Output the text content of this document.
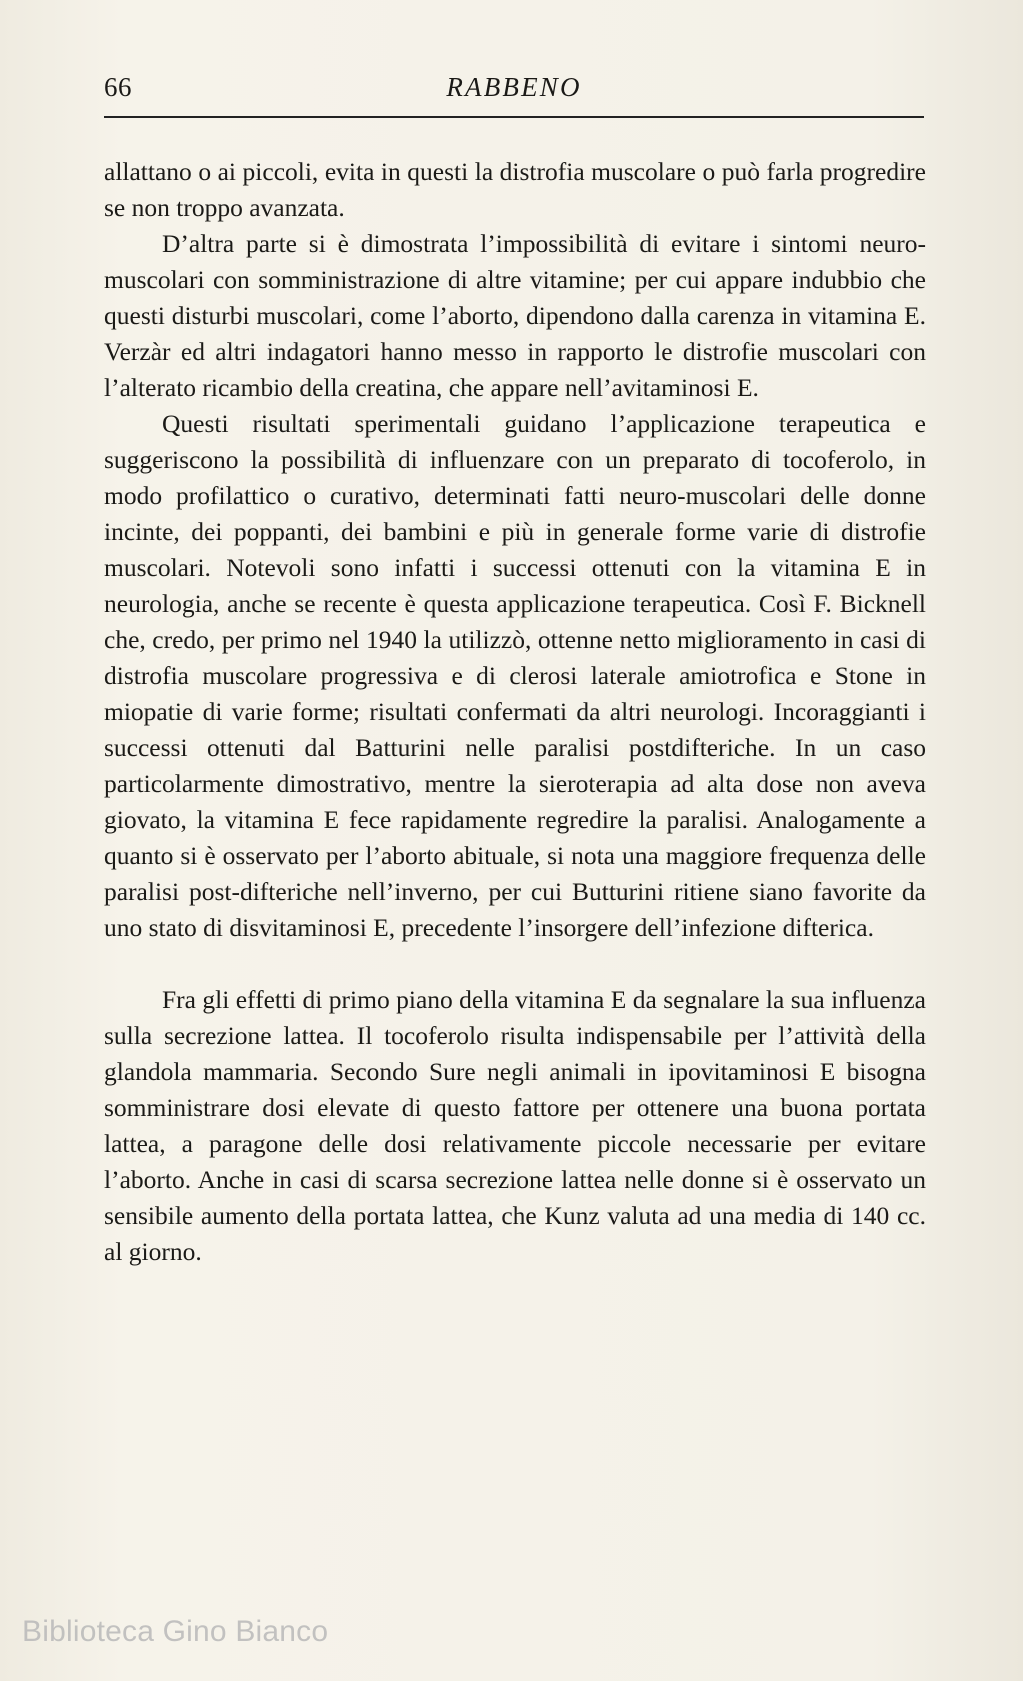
66	RABBENO

allattano o ai piccoli, evita in questi la distrofia muscolare o può farla progredire se non troppo avanzata.

D’altra parte si è dimostrata l’impossibilità di evitare i sintomi neuro-muscolari con somministrazione di altre vitamine; per cui appare indubbio che questi disturbi muscolari, come l’aborto, dipendono dalla carenza in vitamina E. Verzàr ed altri indagatori hanno messo in rapporto le distrofie muscolari con l’alterato ricambio della creatina, che appare nell’avitaminosi E.

Questi risultati sperimentali guidano l’applicazione terapeutica e suggeriscono la possibilità di influenzare con un preparato di tocoferolo, in modo profilattico o curativo, determinati fatti neuro-muscolari delle donne incinte, dei poppanti, dei bambini e più in generale forme varie di distrofie muscolari. Notevoli sono infatti i successi ottenuti con la vitamina E in neurologia, anche se recente è questa applicazione terapeutica. Così F. Bicknell che, credo, per primo nel 1940 la utilizzò, ottenne netto miglioramento in casi di distrofia muscolare progressiva e di clerosi laterale amiotrofica e Stone in miopatie di varie forme; risultati confermati da altri neurologi. Incoraggianti i successi ottenuti dal Batturini nelle paralisi postdifteriche. In un caso particolarmente dimostrativo, mentre la sieroterapia ad alta dose non aveva giovato, la vitamina E fece rapidamente regredire la paralisi. Analogamente a quanto si è osservato per l’aborto abituale, si nota una maggiore frequenza delle paralisi post-difteriche nell’inverno, per cui Butturini ritiene siano favorite da uno stato di disvitaminosi E, precedente l’insorgere dell’infezione difterica.

Fra gli effetti di primo piano della vitamina E da segnalare la sua influenza sulla secrezione lattea. Il tocoferolo risulta indispensabile per l’attività della glandola mammaria. Secondo Sure negli animali in ipovitaminosi E bisogna somministrare dosi elevate di questo fattore per ottenere una buona portata lattea, a paragone delle dosi relativamente piccole necessarie per evitare l’aborto. Anche in casi di scarsa secrezione lattea nelle donne si è osservato un sensibile aumento della portata lattea, che Kunz valuta ad una media di 140 cc. al giorno.

Biblioteca Gino Bianco
